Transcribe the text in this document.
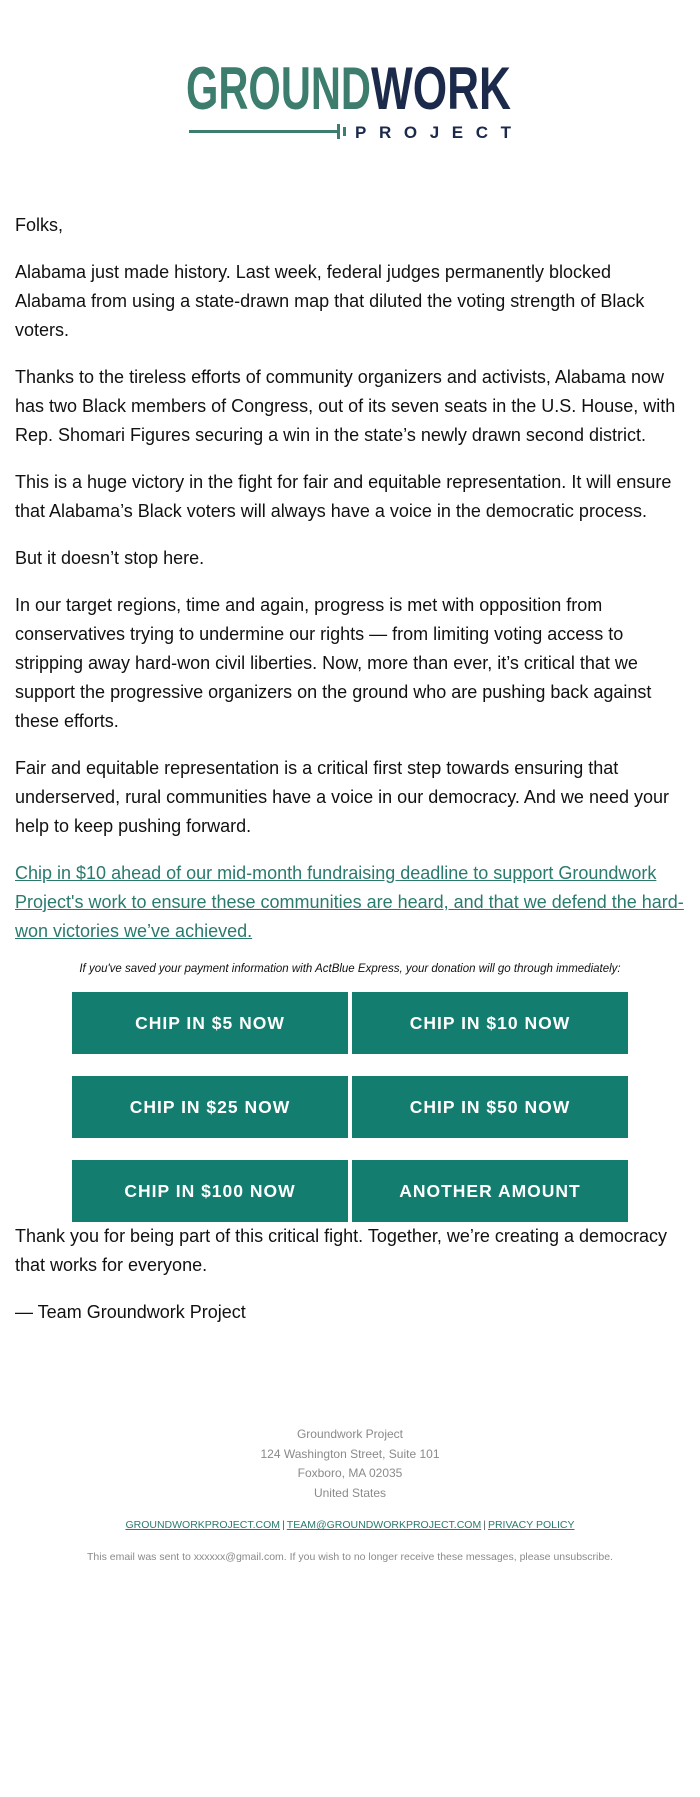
GROUND WORK
PROJECT

Folks,

Alabama just made history. Last week, federal judges permanently blocked Alabama from using a state-drawn map that diluted the voting strength of Black voters.

Thanks to the tireless efforts of community organizers and activists, Alabama now has two Black members of Congress, out of its seven seats in the U.S. House, with Rep. Shomari Figures securing a win in the state’s newly drawn second district.

This is a huge victory in the fight for fair and equitable representation. It will ensure that Alabama’s Black voters will always have a voice in the democratic process.

But it doesn’t stop here.

In our target regions, time and again, progress is met with opposition from conservatives trying to undermine our rights — from limiting voting access to stripping away hard-won civil liberties. Now, more than ever, it’s critical that we support the progressive organizers on the ground who are pushing back against these efforts.

Fair and equitable representation is a critical first step towards ensuring that underserved, rural communities have a voice in our democracy. And we need your help to keep pushing forward.

Chip in $10 ahead of our mid-month fundraising deadline to support Groundwork Project's work to ensure these communities are heard, and that we defend the hard-won victories we’ve achieved.
If you've saved your payment information with ActBlue Express, your donation will go through immediately:
CHIP IN $5 NOW	CHIP IN $10 NOW
CHIP IN $25 NOW	CHIP IN $50 NOW
CHIP IN $100 NOW	ANOTHER AMOUNT

Thank you for being part of this critical fight. Together, we’re creating a democracy that works for everyone.

— Team Groundwork Project

Groundwork Project
124 Washington Street, Suite 101
Foxboro, MA 02035
United States
GROUNDWORKPROJECT.COM | TEAM@GROUNDWORKPROJECT.COM | PRIVACY POLICY
This email was sent to xxxxxx@gmail.com. If you wish to no longer receive these messages, please unsubscribe.
